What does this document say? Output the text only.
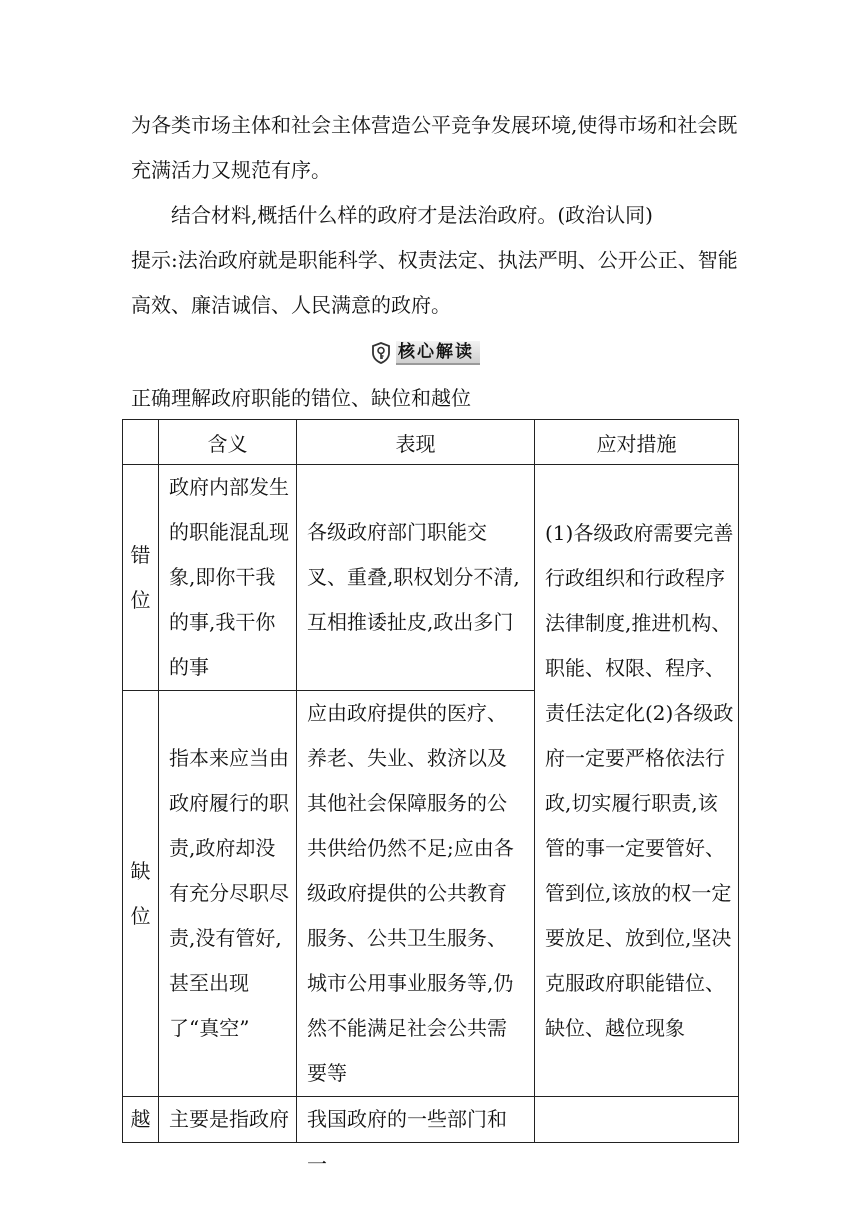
为各类市场主体和社会主体营造公平竞争发展环境,使得市场和社会既充满活力又规范有序。

结合材料,概括什么样的政府才是法治政府。(政治认同)

提示:法治政府就是职能科学、权责法定、执法严明、公开公正、智能高效、廉洁诚信、人民满意的政府。

核心解读

正确理解政府职能的错位、缺位和越位

	含义	表现	应对措施

错
位	政府内部发生的职能混乱现象,即你干我的事,我干你的事	各级政府部门职能交叉、重叠,职权划分不清,互相推诿扯皮,政出多门	(1)各级政府需要完善行政组织和行政程序法律制度,推进机构、职能、权限、程序、责任法定化(2)各级政府一定要严格依法行政,切实履行职责,该管的事一定要管好、管到位,该放的权一定要放足、放到位,坚决克服政府职能错位、缺位、越位现象

缺
位	指本来应当由政府履行的职责,政府却没有充分尽职尽责,没有管好,甚至出现了“真空”	应由政府提供的医疗、养老、失业、救济以及其他社会保障服务的公共供给仍然不足;应由各级政府提供的公共教育服务、公共卫生服务、城市公用事业服务等,仍然不能满足社会公共需要等	

越	主要是指政府	我国政府的一些部门和一	
